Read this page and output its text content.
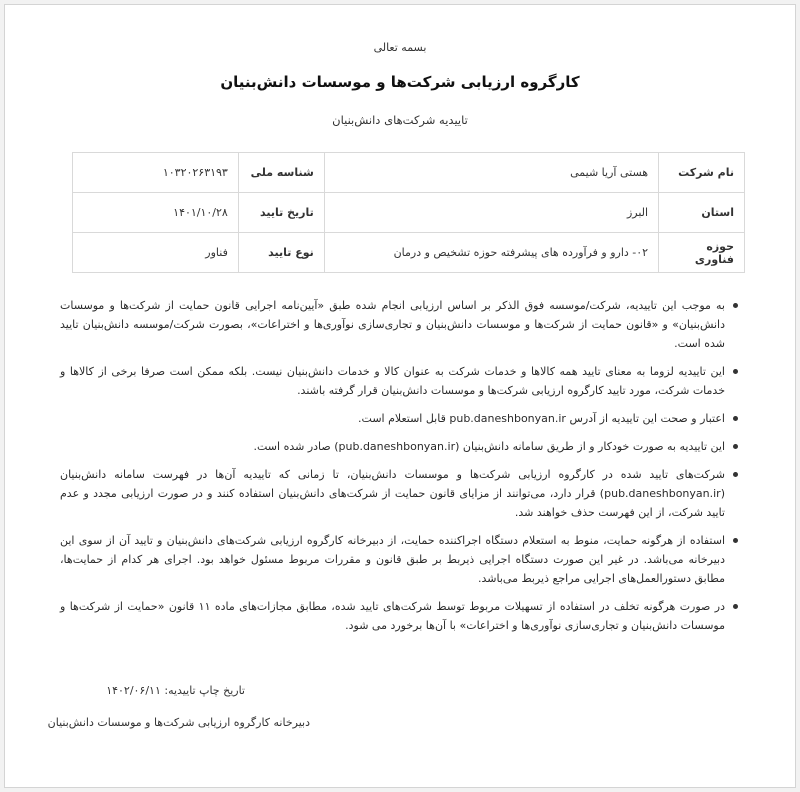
بسمه تعالی
کارگروه ارزیابی شرکت‌ها و موسسات دانش‌بنیان
تاییدیه شرکت‌های دانش‌بنیان
نام شرکت	هستی آریا شیمی	شناسه ملی	۱۰۳۲۰۲۶۳۱۹۳
استان	البرز	تاریخ تایید	۱۴۰۱/۱۰/۲۸
حوزه فناوری	۰۲- دارو و فرآورده های پیشرفته حوزه تشخیص و درمان	نوع تایید	فناور
به موجب این تاییدیه، شرکت/موسسه فوق الذکر بر اساس ارزیابی انجام شده طبق «آیین‌نامه اجرایی قانون حمایت از شرکت‌ها و موسسات دانش‌بنیان» و «قانون حمایت از شرکت‌ها و موسسات دانش‌بنیان و تجاری‌سازی نوآوری‌ها و اختراعات»، بصورت شرکت/موسسه دانش‌بنیان تایید شده است.
این تاییدیه لزوما به معنای تایید همه کالاها و خدمات شرکت به عنوان کالا و خدمات دانش‌بنیان نیست. بلکه ممکن است صرفا برخی از کالاها و خدمات شرکت، مورد تایید کارگروه ارزیابی شرکت‌ها و موسسات دانش‌بنیان قرار گرفته باشند.
اعتبار و صحت این تاییدیه از آدرس pub.daneshbonyan.ir قابل استعلام است.
این تاییدیه به صورت خودکار و از طریق سامانه دانش‌بنیان (pub.daneshbonyan.ir) صادر شده است.
شرکت‌های تایید شده در کارگروه ارزیابی شرکت‌ها و موسسات دانش‌بنیان، تا زمانی که تاییدیه آن‌ها در فهرست سامانه دانش‌بنیان (pub.daneshbonyan.ir) قرار دارد، می‌توانند از مزایای قانون حمایت از شرکت‌های دانش‌بنیان استفاده کنند و در صورت ارزیابی مجدد و عدم تایید شرکت، از این فهرست حذف خواهند شد.
استفاده از هرگونه حمایت، منوط به استعلام دستگاه اجراکننده حمایت، از دبیرخانه کارگروه ارزیابی شرکت‌های دانش‌بنیان و تایید آن از سوی این دبیرخانه می‌باشد. در غیر این صورت دستگاه اجرایی ذیربط بر طبق قانون و مقررات مربوط مسئول خواهد بود. اجرای هر کدام از حمایت‌ها، مطابق دستورالعمل‌های اجرایی مراجع ذیربط می‌باشد.
در صورت هرگونه تخلف در استفاده از تسهیلات مربوط توسط شرکت‌های تایید شده، مطابق مجازات‌های ماده ۱۱ قانون «حمایت از شرکت‌ها و موسسات دانش‌بنیان و تجاری‌سازی نوآوری‌ها و اختراعات» با آن‌ها برخورد می شود.
تاریخ چاپ تاییدیه: ۱۴۰۲/۰۶/۱۱
دبیرخانه کارگروه ارزیابی شرکت‌ها و موسسات دانش‌بنیان
